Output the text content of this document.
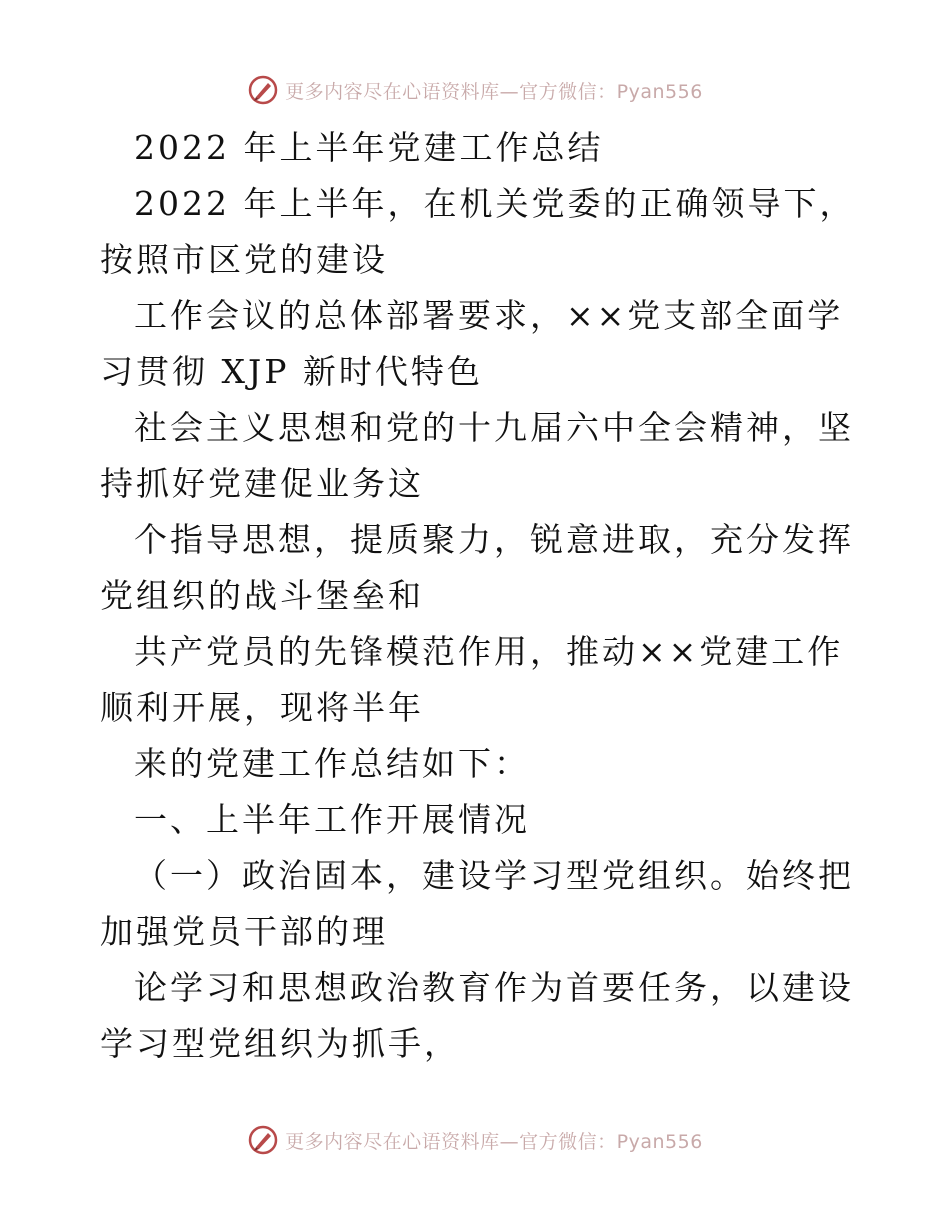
更多内容尽在心语资料库—官方微信：Pyan556

2022 年上半年党建工作总结

2022 年上半年，在机关党委的正确领导下，按照市区党的建设

工作会议的总体部署要求，××党支部全面学习贯彻 XJP 新时代特色

社会主义思想和党的十九届六中全会精神，坚持抓好党建促业务这

个指导思想，提质聚力，锐意进取，充分发挥党组织的战斗堡垒和

共产党员的先锋模范作用，推动××党建工作顺利开展，现将半年

来的党建工作总结如下：

一、上半年工作开展情况

（一）政治固本，建设学习型党组织。始终把加强党员干部的理

论学习和思想政治教育作为首要任务，以建设学习型党组织为抓手，

更多内容尽在心语资料库—官方微信：Pyan556
